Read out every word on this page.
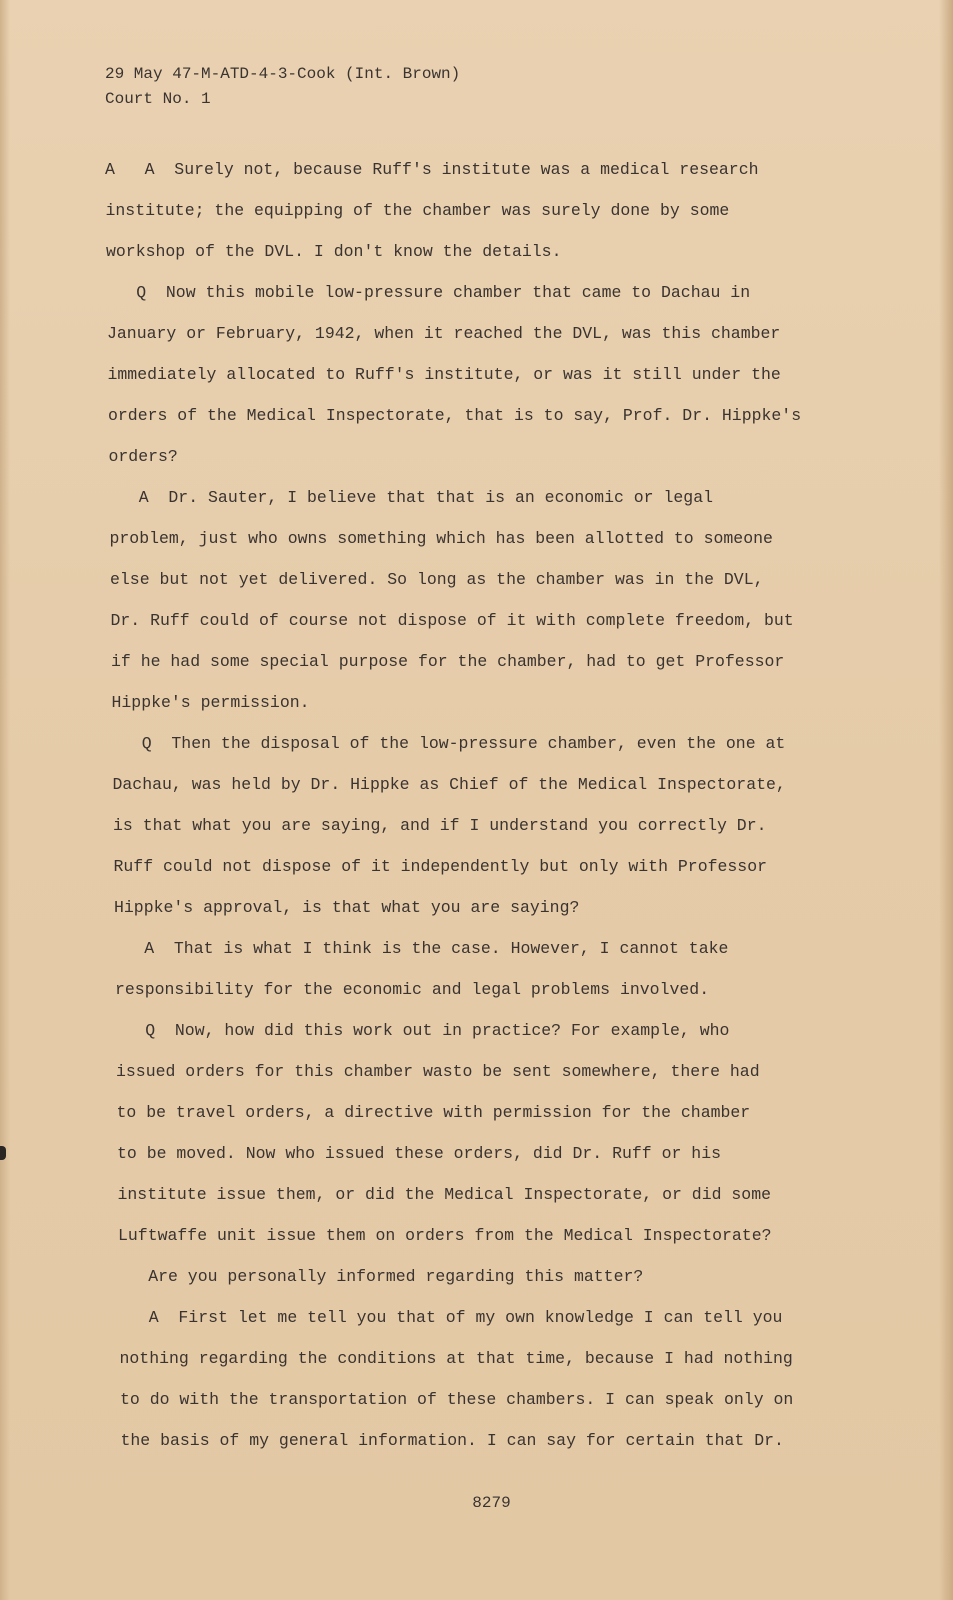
29 May 47-M-ATD-4-3-Cook (Int. Brown)
Court No. 1
A   A  Surely not, because Ruff's institute was a medical research
institute; the equipping of the chamber was surely done by some
workshop of the DVL. I don't know the details.
Q  Now this mobile low-pressure chamber that came to Dachau in
January or February, 1942, when it reached the DVL, was this chamber
immediately allocated to Ruff's institute, or was it still under the
orders of the Medical Inspectorate, that is to say, Prof. Dr. Hippke's
orders?
A  Dr. Sauter, I believe that that is an economic or legal
problem, just who owns something which has been allotted to someone
else but not yet delivered. So long as the chamber was in the DVL,
Dr. Ruff could of course not dispose of it with complete freedom, but
if he had some special purpose for the chamber, had to get Professor
Hippke's permission.
Q  Then the disposal of the low-pressure chamber, even the one at
Dachau, was held by Dr. Hippke as Chief of the Medical Inspectorate,
is that what you are saying, and if I understand you correctly Dr.
Ruff could not dispose of it independently but only with Professor
Hippke's approval, is that what you are saying?
A  That is what I think is the case. However, I cannot take
responsibility for the economic and legal problems involved.
Q  Now, how did this work out in practice? For example, who
issued orders for this chamber wasto be sent somewhere, there had
to be travel orders, a directive with permission for the chamber
to be moved. Now who issued these orders, did Dr. Ruff or his
institute issue them, or did the Medical Inspectorate, or did some
Luftwaffe unit issue them on orders from the Medical Inspectorate?
Are you personally informed regarding this matter?
A  First let me tell you that of my own knowledge I can tell you
nothing regarding the conditions at that time, because I had nothing
to do with the transportation of these chambers. I can speak only on
the basis of my general information. I can say for certain that Dr.
8279
